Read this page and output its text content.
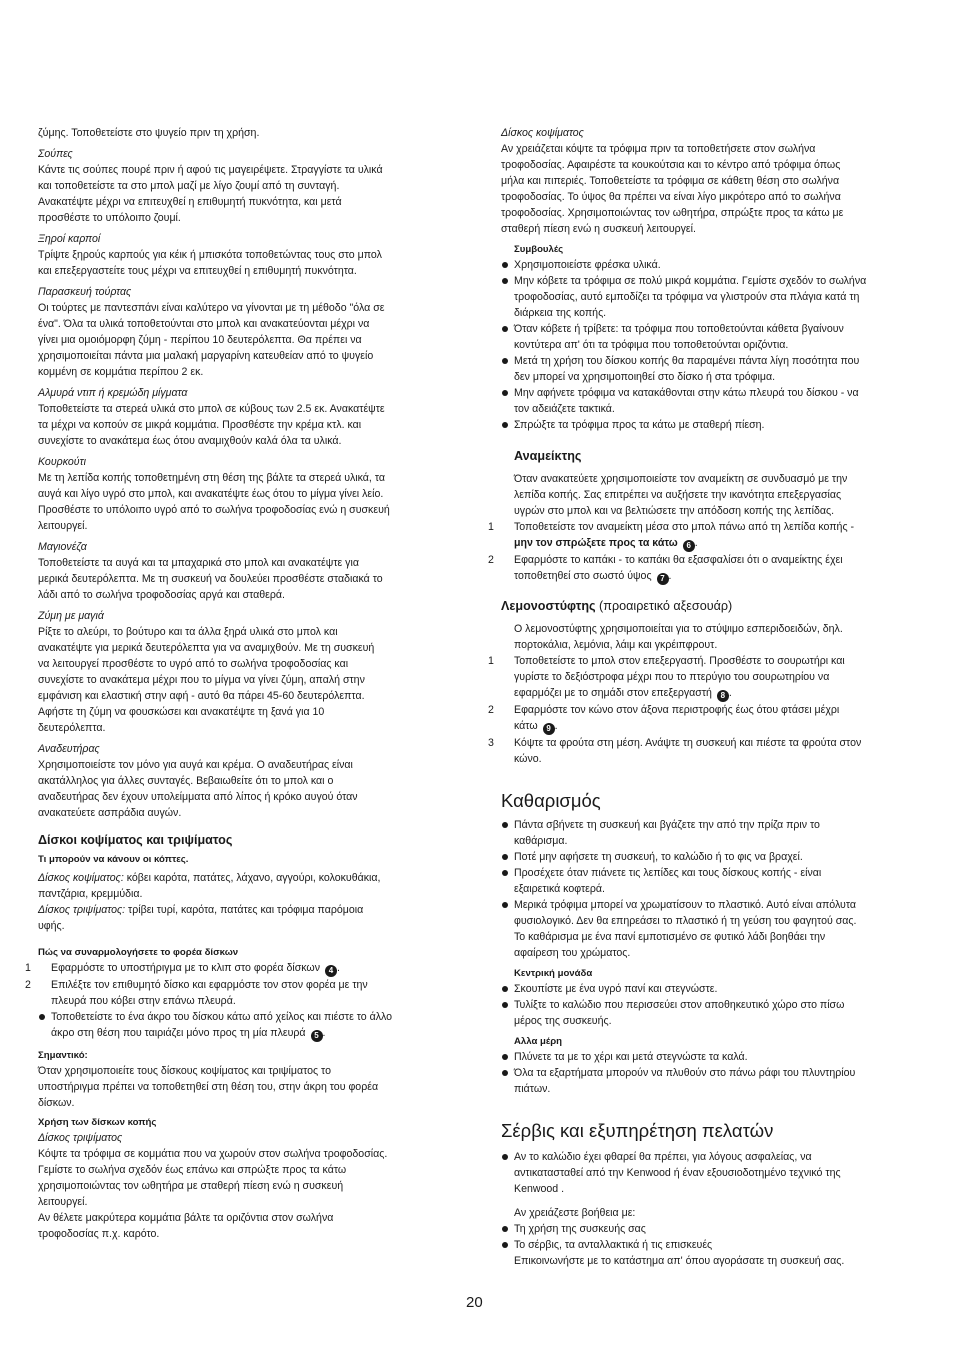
ζύμης. Τοποθετείστε στο ψυγείο πριν τη χρήση.

Σούπες

Κάντε τις σούπες πουρέ πριν ή αφού τις μαγειρέψετε. Στραγγίστε τα υλικά

και τοποθετείστε τα στο μπολ μαζί με λίγο ζουμί από τη συνταγή.

Ανακατέψτε μέχρι να επιτευχθεί η επιθυμητή πυκνότητα, και μετά

προσθέστε το υπόλοιπο ζουμί.

Ξηροί καρποί

Τρίψτε ξηρούς καρπούς για κέικ ή μπισκότα τοποθετώντας τους στο μπολ

και επεξεργαστείτε τους μέχρι να επιτευχθεί η επιθυμητή πυκνότητα.

Παρασκευή τούρτας

Οι τούρτες με παντεσπάνι είναι καλύτερο να γίνονται με τη μέθοδο "όλα σε

ένα". Όλα τα υλικά τοποθετούνται στο μπολ και ανακατεύονται μέχρι να

γίνει μια ομοιόμορφη ζύμη - περίπου 10 δευτερόλεπτα. Θα πρέπει να

χρησιμοποιείται πάντα μια μαλακή μαργαρίνη κατευθείαν από το ψυγείο

κομμένη σε κομμάτια περίπου 2 εκ.

Αλμυρά ντιπ ή κρεμώδη μίγματα

Τοποθετείστε τα στερεά υλικά στο μπολ σε κύβους των 2.5 εκ. Ανακατέψτε

τα μέχρι να κοπούν σε μικρά κομμάτια. Προσθέστε την κρέμα κτλ. και

συνεχίστε το ανακάτεμα έως ότου αναμιχθούν καλά όλα τα υλικά.

Κουρκούτι

Με τη λεπίδα κοπής τοποθετημένη στη θέση της βάλτε τα στερεά υλικά, τα

αυγά και λίγο υγρό στο μπολ, και ανακατέψτε έως ότου το μίγμα γίνει λείο.

Προσθέστε το υπόλοιπο υγρό από το σωλήνα τροφοδοσίας ενώ η συσκευή

λειτουργεί.

Μαγιονέζα

Τοποθετείστε τα αυγά και τα μπαχαρικά στο μπολ και ανακατέψτε για

μερικά δευτερόλεπτα. Με τη συσκευή να δουλεύει προσθέστε σταδιακά το

λάδι από το σωλήνα τροφοδοσίας αργά και σταθερά.

Ζύμη με μαγιά

Ρίξτε το αλεύρι, το βούτυρο και τα άλλα ξηρά υλικά στο μπολ και

ανακατέψτε για μερικά δευτερόλεπτα για να αναμιχθούν. Με τη συσκευή

να λειτουργεί προσθέστε το υγρό από το σωλήνα τροφοδοσίας και

συνεχίστε το ανακάτεμα μέχρι που το μίγμα να γίνει ζύμη, απαλή στην

εμφάνιση και ελαστική στην αφή - αυτό θα πάρει 45-60 δευτερόλεπτα.

Αφήστε τη ζύμη να φουσκώσει και ανακατέψτε τη ξανά για 10

δευτερόλεπτα.

Αναδευτήρας

Χρησιμοποιείστε τον μόνο για αυγά και κρέμα. Ο αναδευτήρας είναι

ακατάλληλος για άλλες συνταγές. Βεβαιωθείτε ότι το μπολ και ο

αναδευτήρας δεν έχουν υπολείμματα από λίπος ή κρόκο αυγού όταν

ανακατεύετε ασπράδια αυγών.

Δίσκοι κοψίματος και τριψίματος

Τι μπορούν να κάνουν οι κόπτες.

Δίσκος κοψίματος: κόβει καρότα, πατάτες, λάχανο, αγγούρι, κολοκυθάκια,

παντζάρια, κρεμμύδια.

Δίσκος τριψίματος: τρίβει τυρί, καρότα, πατάτες και τρόφιμα παρόμοια

υφής.

Πώς να συναρμολογήσετε το φορέα δίσκων

1	Εφαρμόστε το υποστήριγμα με το κλιπ στο φορέα δίσκων 4 .
2	Επιλέξτε τον επιθυμητό δίσκο και εφαρμόστε τον στον φορέα με την

πλευρά που κόβει στην επάνω πλευρά.

Τοποθετείστε το ένα άκρο του δίσκου κάτω από χείλος και πιέστε το άλλο

άκρο στη θέση που ταιριάζει μόνο προς τη μία πλευρά 5 .

Σημαντικό:

Όταν χρησιμοποιείτε τους δίσκους κοψίματος και τριψίματος το

υποστήριγμα πρέπει να τοποθετηθεί στη θέση του, στην άκρη του φορέα

δίσκων.

Χρήση των δίσκων κοπής

Δίσκος τριψίματος

Κόψτε τα τρόφιμα σε κομμάτια που να χωρούν στον σωλήνα τροφοδοσίας.

Γεμίστε το σωλήνα σχεδόν έως επάνω και σπρώξτε προς τα κάτω

χρησιμοποιώντας τον ωθητήρα με σταθερή πίεση ενώ η συσκευή

λειτουργεί.

Αν θέλετε μακρύτερα κομμάτια βάλτε τα οριζόντια στον σωλήνα

τροφοδοσίας π.χ. καρότο.

Δίσκος κοψίματος

Αν χρειάζεται κόψτε τα τρόφιμα πριν τα τοποθετήσετε στον σωλήνα

τροφοδοσίας. Αφαιρέστε τα κουκούτσια και το κέντρο από τρόφιμα όπως

μήλα και πιπεριές. Τοποθετείστε τα τρόφιμα σε κάθετη θέση στο σωλήνα

τροφοδοσίας. Το ύψος θα πρέπει να είναι λίγο μικρότερο από το σωλήνα

τροφοδοσίας. Χρησιμοποιώντας τον ωθητήρα, σπρώξτε προς τα κάτω με

σταθερή πίεση ενώ η συσκευή λειτουργεί.

Συμβουλές

Χρησιμοποιείστε φρέσκα υλικά.

Μην κόβετε τα τρόφιμα σε πολύ μικρά κομμάτια. Γεμίστε σχεδόν το σωλήνα

τροφοδοσίας, αυτό εμποδίζει τα τρόφιμα να γλιστρούν στα πλάγια κατά τη

διάρκεια της κοπής.

Όταν κόβετε ή τρίβετε: τα τρόφιμα που τοποθετούνται κάθετα βγαίνουν

κοντύτερα απ' ότι τα τρόφιμα που τοποθετούνται οριζόντια.

Μετά τη χρήση του δίσκου κοπής θα παραμένει πάντα λίγη ποσότητα που

δεν μπορεί να χρησιμοποιηθεί στο δίσκο ή στα τρόφιμα.

Μην αφήνετε τρόφιμα να κατακάθονται στην κάτω πλευρά του δίσκου - να

τον αδειάζετε τακτικά.

Σπρώξτε τα τρόφιμα προς τα κάτω με σταθερή πίεση.

Αναμείκτης

Όταν ανακατεύετε χρησιμοποιείστε τον αναμείκτη σε συνδυασμό με την

λεπίδα κοπής. Σας επιτρέπει να αυξήσετε την ικανότητα επεξεργασίας

υγρών στο μπολ και να βελτιώσετε την απόδοση κοπής της λεπίδας.

1	Τοποθετείστε τον αναμείκτη μέσα στο μπολ πάνω από τη λεπίδα κοπής -

μην τον σπρώξετε προς τα κάτω 6 .

2	Εφαρμόστε το καπάκι - το καπάκι θα εξασφαλίσει ότι ο αναμείκτης έχει

τοποθετηθεί στο σωστό ύψος 7 .

Λεμονοστύφτης (προαιρετικό αξεσουάρ)

Ο λεμονοστύφτης χρησιμοποιείται για το στύψιμο εσπεριδοειδών, δηλ.

πορτοκάλια, λεμόνια, λάιμ και γκρέιπφρουτ.

1	Τοποθετείστε το μπολ στον επεξεργαστή. Προσθέστε το σουρωτήρι και

γυρίστε το δεξιόστροφα μέχρι που το πτερύγιο του σουρωτηρίου να

εφαρμόζει με το σημάδι στον επεξεργαστή 8 .

2	Εφαρμόστε τον κώνο στον άξονα περιστροφής έως ότου φτάσει μέχρι

κάτω 9 .

3	Κόψτε τα φρούτα στη μέση. Ανάψτε τη συσκευή και πιέστε τα φρούτα στον

κώνο.

Καθαρισμός

Πάντα σβήνετε τη συσκευή και βγάζετε την από την πρίζα πριν το

καθάρισμα.

Ποτέ μην αφήσετε τη συσκευή, το καλώδιο ή το φις να βραχεί.

Προσέχετε όταν πιάνετε τις λεπίδες και τους δίσκους κοπής - είναι

εξαιρετικά κοφτερά.

Μερικά τρόφιμα μπορεί να χρωματίσουν το πλαστικό. Αυτό είναι απόλυτα

φυσιολογικό. Δεν θα επηρεάσει το πλαστικό ή τη γεύση του φαγητού σας.

Το καθάρισμα με ένα πανί εμποτισμένο σε φυτικό λάδι βοηθάει την

αφαίρεση του χρώματος.

Κεντρική μονάδα

Σκουπίστε με ένα υγρό πανί και στεγνώστε.

Τυλίξτε το καλώδιο που περισσεύει στον αποθηκευτικό χώρο στο πίσω

μέρος της συσκευής.

Αλλα μέρη

Πλύνετε τα με το χέρι και μετά στεγνώστε τα καλά.

Όλα τα εξαρτήματα μπορούν να πλυθούν στο πάνω ράφι του πλυντηρίου

πιάτων.

Σέρβις και εξυπηρέτηση πελατών

Αν το καλώδιο έχει φθαρεί θα πρέπει, για λόγους ασφαλείας, να

αντικατασταθεί από την Kenwood ή έναν εξουσιοδοτημένο τεχνικό της

Kenwood .

Αν χρειάζεστε βοήθεια με:

Τη χρήση της συσκευής σας
Το σέρβις, τα ανταλλακτικά ή τις επισκευές

Επικοινωνήστε με το κατάστημα απ' όπου αγοράσατε τη συσκευή σας.

20
